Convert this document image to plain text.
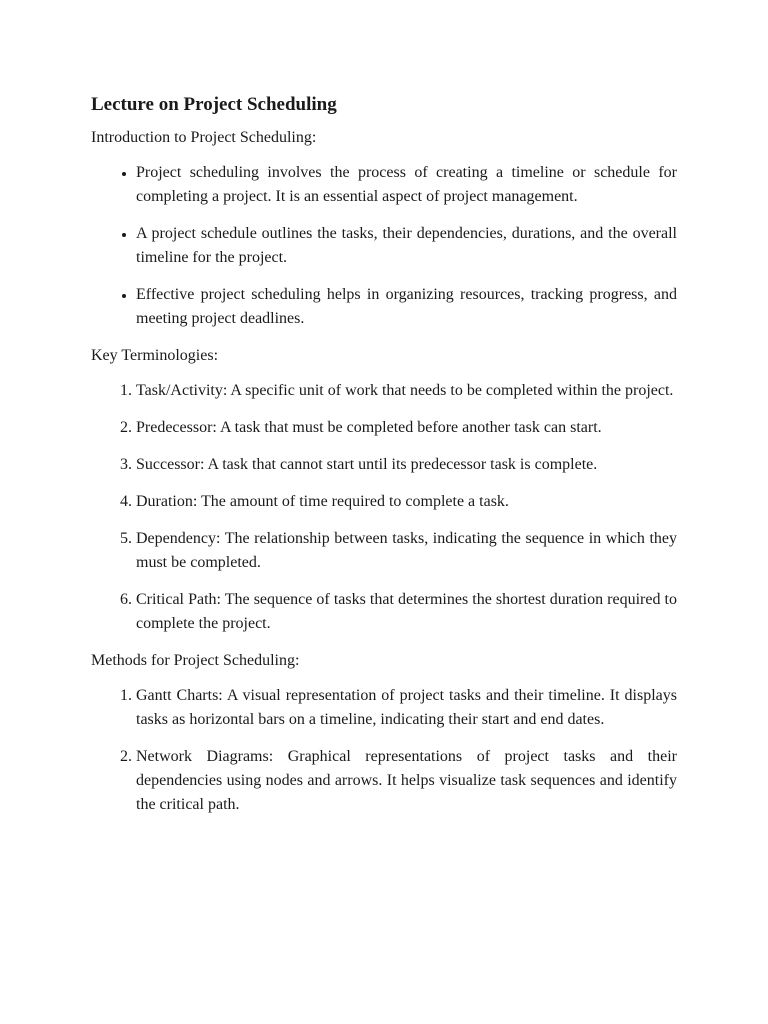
Lecture on Project Scheduling

Introduction to Project Scheduling:

• Project scheduling involves the process of creating a timeline or schedule for completing a project. It is an essential aspect of project management.
• A project schedule outlines the tasks, their dependencies, durations, and the overall timeline for the project.
• Effective project scheduling helps in organizing resources, tracking progress, and meeting project deadlines.

Key Terminologies:

1. Task/Activity: A specific unit of work that needs to be completed within the project.
2. Predecessor: A task that must be completed before another task can start.
3. Successor: A task that cannot start until its predecessor task is complete.
4. Duration: The amount of time required to complete a task.
5. Dependency: The relationship between tasks, indicating the sequence in which they must be completed.
6. Critical Path: The sequence of tasks that determines the shortest duration required to complete the project.

Methods for Project Scheduling:

1. Gantt Charts: A visual representation of project tasks and their timeline. It displays tasks as horizontal bars on a timeline, indicating their start and end dates.
2. Network Diagrams: Graphical representations of project tasks and their dependencies using nodes and arrows. It helps visualize task sequences and identify the critical path.
